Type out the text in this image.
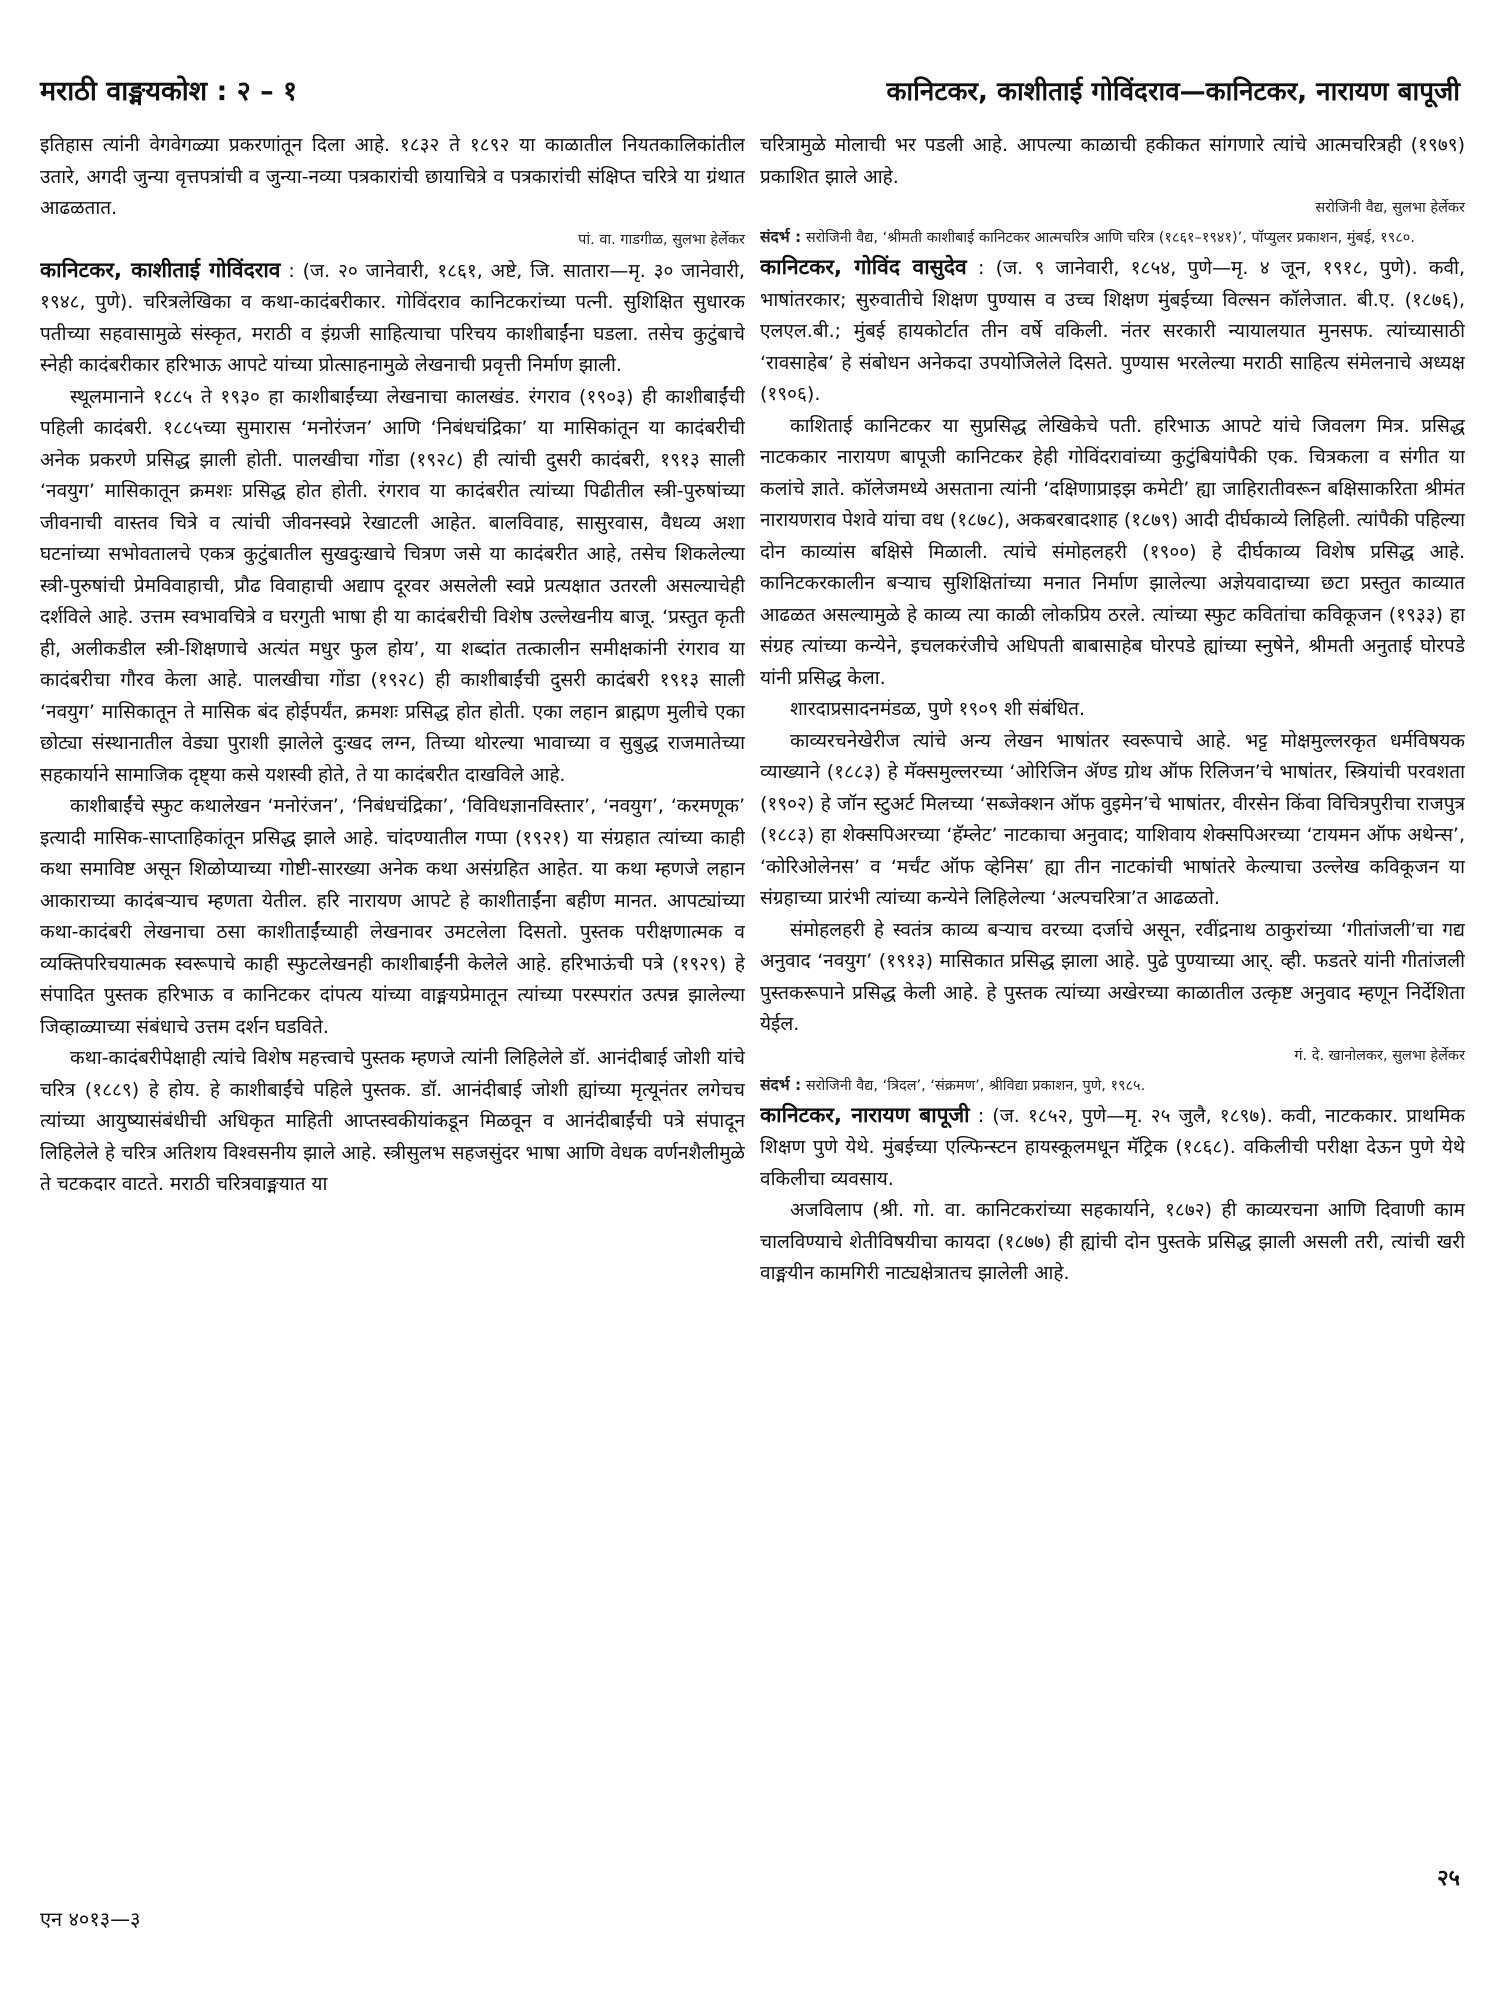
मराठी वाङ्मयकोश : २ – १	कानिटकर, काशीताई गोविंदराव—कानिटकर, नारायण बापूजी

इतिहास त्यांनी वेगवेगळ्या प्रकरणांतून दिला आहे. १८३२ ते १८९२ या काळातील नियतकालिकांतील उतारे, अगदी जुन्या वृत्तपत्रांची व जुन्या-नव्या पत्रकारांची छायाचित्रे व पत्रकारांची संक्षिप्त चरित्रे या ग्रंथात आढळतात.

पां. वा. गाडगीळ, सुलभा हेर्लेकर

कानिटकर, काशीताई गोविंदराव : (ज. २० जानेवारी, १८६१, अष्टे, जि. सातारा—मृ. ३० जानेवारी, १९४८, पुणे). चरित्रलेखिका व कथा-कादंबरीकार. गोविंदराव कानिटकरांच्या पत्नी. सुशिक्षित सुधारक पतीच्या सहवासामुळे संस्कृत, मराठी व इंग्रजी साहित्याचा परिचय काशीबाईंना घडला. तसेच कुटुंबाचे स्नेही कादंबरीकार हरिभाऊ आपटे यांच्या प्रोत्साहनामुळे लेखनाची प्रवृत्ती निर्माण झाली.

स्थूलमानाने १८८५ ते १९३० हा काशीबाईंच्या लेखनाचा कालखंड. रंगराव (१९०३) ही काशीबाईंची पहिली कादंबरी. १८८५च्या सुमारास ‘मनोरंजन’ आणि ‘निबंधचंद्रिका’ या मासिकांतून या कादंबरीची अनेक प्रकरणे प्रसिद्ध झाली होती. पालखीचा गोंडा (१९२८) ही त्यांची दुसरी कादंबरी, १९१३ साली ‘नवयुग’ मासिकातून क्रमशः प्रसिद्ध होत होती. रंगराव या कादंबरीत त्यांच्या पिढीतील स्त्री-पुरुषांच्या जीवनाची वास्तव चित्रे व त्यांची जीवनस्वप्ने रेखाटली आहेत. बालविवाह, सासुरवास, वैधव्य अशा घटनांच्या सभोवतालचे एकत्र कुटुंबातील सुखदुःखाचे चित्रण जसे या कादंबरीत आहे, तसेच शिकलेल्या स्त्री-पुरुषांची प्रेमविवाहाची, प्रौढ विवाहाची अद्याप दूरवर असलेली स्वप्ने प्रत्यक्षात उतरली असल्याचेही दर्शविले आहे. उत्तम स्वभावचित्रे व घरगुती भाषा ही या कादंबरीची विशेष उल्लेखनीय बाजू. ‘प्रस्तुत कृती ही, अलीकडील स्त्री-शिक्षणाचे अत्यंत मधुर फुल होय’, या शब्दांत तत्कालीन समीक्षकांनी रंगराव या कादंबरीचा गौरव केला आहे. पालखीचा गोंडा (१९२८) ही काशीबाईंची दुसरी कादंबरी १९१३ साली ‘नवयुग’ मासिकातून ते मासिक बंद होईपर्यंत, क्रमशः प्रसिद्ध होत होती. एका लहान ब्राह्मण मुलीचे एका छोट्या संस्थानातील वेड्या पुराशी झालेले दुःखद लग्न, तिच्या थोरल्या भावाच्या व सुबुद्ध राजमातेच्या सहकार्याने सामाजिक दृष्ट्या कसे यशस्वी होते, ते या कादंबरीत दाखविले आहे.

काशीबाईंचे स्फुट कथालेखन ‘मनोरंजन’, ‘निबंधचंद्रिका’, ‘विविधज्ञानविस्तार’, ‘नवयुग’, ‘करमणूक’ इत्यादी मासिक-साप्ताहिकांतून प्रसिद्ध झाले आहे. चांदण्यातील गप्पा (१९२१) या संग्रहात त्यांच्या काही कथा समाविष्ट असून शिळोप्याच्या गोष्टी-सारख्या अनेक कथा असंग्रहित आहेत. या कथा म्हणजे लहान आकाराच्या कादंबऱ्याच म्हणता येतील. हरि नारायण आपटे हे काशीताईंना बहीण मानत. आपट्यांच्या कथा-कादंबरी लेखनाचा ठसा काशीताईंच्याही लेखनावर उमटलेला दिसतो. पुस्तक परीक्षणात्मक व व्यक्तिपरिचयात्मक स्वरूपाचे काही स्फुटलेखनही काशीबाईंनी केलेले आहे. हरिभाऊंची पत्रे (१९२९) हे संपादित पुस्तक हरिभाऊ व कानिटकर दांपत्य यांच्या वाङ्मयप्रेमातून त्यांच्या परस्परांत उत्पन्न झालेल्या जिव्हाळ्याच्या संबंधाचे उत्तम दर्शन घडविते.

कथा-कादंबरीपेक्षाही त्यांचे विशेष महत्त्वाचे पुस्तक म्हणजे त्यांनी लिहिलेले डॉ. आनंदीबाई जोशी यांचे चरित्र (१८८९) हे होय. हे काशीबाईंचे पहिले पुस्तक. डॉ. आनंदीबाई जोशी ह्यांच्या मृत्यूनंतर लगेचच त्यांच्या आयुष्यासंबंधीची अधिकृत माहिती आप्तस्वकीयांकडून मिळवून व आनंदीबाईंची पत्रे संपादून लिहिलेले हे चरित्र अतिशय विश्वसनीय झाले आहे. स्त्रीसुलभ सहजसुंदर भाषा आणि वेधक वर्णनशैलीमुळे ते चटकदार वाटते. मराठी चरित्रवाङ्मयात या

चरित्रामुळे मोलाची भर पडली आहे. आपल्या काळाची हकीकत सांगणारे त्यांचे आत्मचरित्रही (१९७९) प्रकाशित झाले आहे.

सरोजिनी वैद्य, सुलभा हेर्लेकर
संदर्भ : सरोजिनी वैद्य, ‘श्रीमती काशीबाई कानिटकर आत्मचरित्र आणि चरित्र (१८६१–१९४१)’, पॉप्युलर प्रकाशन, मुंबई, १९८०.

कानिटकर, गोविंद वासुदेव : (ज. ९ जानेवारी, १८५४, पुणे—मृ. ४ जून, १९१८, पुणे). कवी, भाषांतरकार; सुरुवातीचे शिक्षण पुण्यास व उच्च शिक्षण मुंबईच्या विल्सन कॉलेजात. बी.ए. (१८७६), एलएल.बी.; मुंबई हायकोर्टात तीन वर्षे वकिली. नंतर सरकारी न्यायालयात मुनसफ. त्यांच्यासाठी ‘रावसाहेब’ हे संबोधन अनेकदा उपयोजिलेले दिसते. पुण्यास भरलेल्या मराठी साहित्य संमेलनाचे अध्यक्ष (१९०६).

काशिताई कानिटकर या सुप्रसिद्ध लेखिकेचे पती. हरिभाऊ आपटे यांचे जिवलग मित्र. प्रसिद्ध नाटककार नारायण बापूजी कानिटकर हेही गोविंदरावांच्या कुटुंबियांपैकी एक. चित्रकला व संगीत या कलांचे ज्ञाते. कॉलेजमध्ये असताना त्यांनी ‘दक्षिणाप्राइझ कमेटी’ ह्या जाहिरातीवरून बक्षिसाकरिता श्रीमंत नारायणराव पेशवे यांचा वध (१८७८), अकबरबादशाह (१८७९) आदी दीर्घकाव्ये लिहिली. त्यांपैकी पहिल्या दोन काव्यांस बक्षिसे मिळाली. त्यांचे संमोहलहरी (१९००) हे दीर्घकाव्य विशेष प्रसिद्ध आहे. कानिटकरकालीन बऱ्याच सुशिक्षितांच्या मनात निर्माण झालेल्या अज्ञेयवादाच्या छटा प्रस्तुत काव्यात आढळत असल्यामुळे हे काव्य त्या काळी लोकप्रिय ठरले. त्यांच्या स्फुट कवितांचा कविकूजन (१९३३) हा संग्रह त्यांच्या कन्येने, इचलकरंजीचे अधिपती बाबासाहेब घोरपडे ह्यांच्या स्नुषेने, श्रीमती अनुताई घोरपडे यांनी प्रसिद्ध केला.

शारदाप्रसादनमंडळ, पुणे १९०९ शी संबंधित.

काव्यरचनेखेरीज त्यांचे अन्य लेखन भाषांतर स्वरूपाचे आहे. भट्ट मोक्षमुल्लरकृत धर्मविषयक व्याख्याने (१८८३) हे मॅक्समुल्लरच्या ‘ओरिजिन ॲण्ड ग्रोथ ऑफ रिलिजन’चे भाषांतर, स्त्रियांची परवशता (१९०२) हे जॉन स्टुअर्ट मिलच्या ‘सब्जेक्शन ऑफ वुइमेन’चे भाषांतर, वीरसेन किंवा विचित्रपुरीचा राजपुत्र (१८८३) हा शेक्सपिअरच्या ‘हॅम्लेट’ नाटकाचा अनुवाद; याशिवाय शेक्सपिअरच्या ‘टायमन ऑफ अथेन्स’, ‘कोरिओलेनस’ व ‘मर्चंट ऑफ व्हेनिस’ ह्या तीन नाटकांची भाषांतरे केल्याचा उल्लेख कविकूजन या संग्रहाच्या प्रारंभी त्यांच्या कन्येने लिहिलेल्या ‘अल्पचरित्रा’त आढळतो.

संमोहलहरी हे स्वतंत्र काव्य बऱ्याच वरच्या दर्जाचे असून, रवींद्रनाथ ठाकुरांच्या ‘गीतांजली’चा गद्य अनुवाद ‘नवयुग’ (१९१३) मासिकात प्रसिद्ध झाला आहे. पुढे पुण्याच्या आर्. व्ही. फडतरे यांनी गीतांजली पुस्तकरूपाने प्रसिद्ध केली आहे. हे पुस्तक त्यांच्या अखेरच्या काळातील उत्कृष्ट अनुवाद म्हणून निर्देशिता येईल.

गं. दे. खानोलकर, सुलभा हेर्लेकर
संदर्भ : सरोजिनी वैद्य, ‘त्रिदल’, ‘संक्रमण’, श्रीविद्या प्रकाशन, पुणे, १९८५.

कानिटकर, नारायण बापूजी : (ज. १८५२, पुणे—मृ. २५ जुलै, १८९७). कवी, नाटककार. प्राथमिक शिक्षण पुणे येथे. मुंबईच्या एल्फिन्स्टन हायस्कूलमधून मॅट्रिक (१८६८). वकिलीची परीक्षा देऊन पुणे येथे वकिलीचा व्यवसाय.

अजविलाप (श्री. गो. वा. कानिटकरांच्या सहकार्याने, १८७२) ही काव्यरचना आणि दिवाणी काम चालविण्याचे शेतीविषयीचा कायदा (१८७७) ही ह्यांची दोन पुस्तके प्रसिद्ध झाली असली तरी, त्यांची खरी वाङ्मयीन कामगिरी नाट्यक्षेत्रातच झालेली आहे.

२५
एन ४०१३—३
